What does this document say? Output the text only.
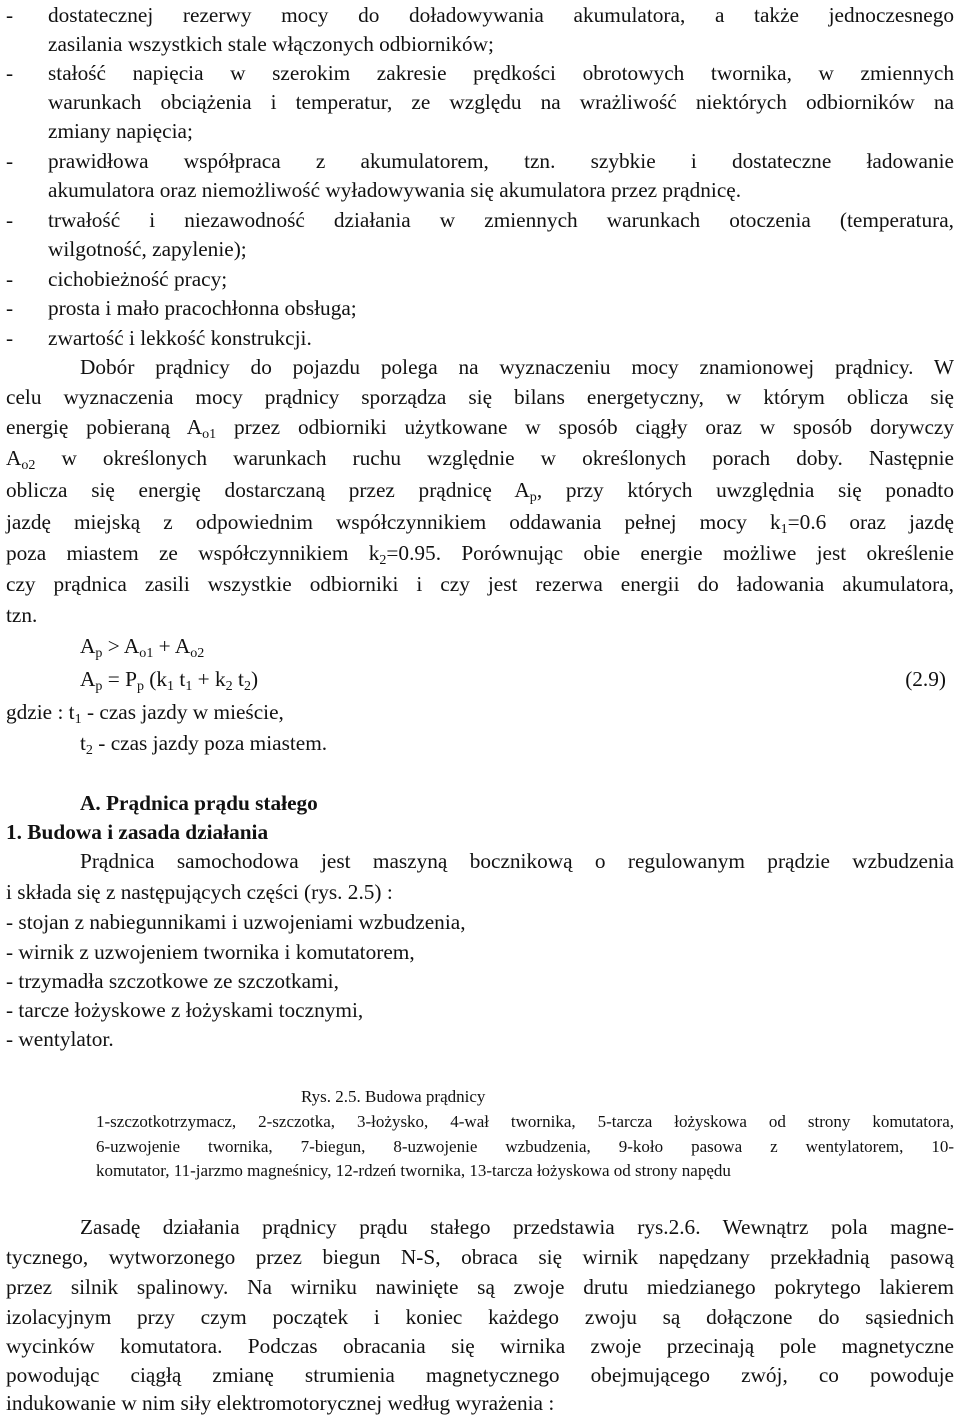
- dostatecznej rezerwy mocy do doładowywania akumulatora, a także jednoczesnego
zasilania wszystkich stale włączonych odbiorników;
- stałość napięcia w szerokim zakresie prędkości obrotowych twornika, w zmiennych
warunkach obciążenia i temperatur, ze względu na wrażliwość niektórych odbiorników na
zmiany napięcia;
- prawidłowa współpraca z akumulatorem, tzn. szybkie i dostateczne ładowanie
akumulatora oraz niemożliwość wyładowywania się akumulatora przez prądnicę.
- trwałość i niezawodność działania w zmiennych warunkach otoczenia (temperatura,
wilgotność, zapylenie);
- cichobieżność pracy;
- prosta i mało pracochłonna obsługa;
- zwartość i lekkość konstrukcji.
Dobór prądnicy do pojazdu polega na wyznaczeniu mocy znamionowej prądnicy. W
celu wyznaczenia mocy prądnicy sporządza się bilans energetyczny, w którym oblicza się
energię pobieraną $A_{o1}$ przez odbiorniki użytkowane w sposób ciągły oraz w sposób dorywczy
$A_{o2}$ w określonych warunkach ruchu względnie w określonych porach doby. Następnie
oblicza się energię dostarczaną przez prądnicę $A_p$, przy których uwzględnia się ponadto
jazdę miejską z odpowiednim współczynnikiem oddawania pełnej mocy $k_1=0.6$ oraz jazdę
poza miastem ze współczynnikiem $k_2=0.95$. Porównując obie energie możliwe jest określenie
czy prądnica zasili wszystkie odbiorniki i czy jest rezerwa energii do ładowania akumulatora,
tzn.
$A_p > A_{o1} + A_{o2}$
$A_p = P_p$ ($k_1$ $t_1 + k_2$ $t_2$)	(2.9)
gdzie : $t_1$ - czas jazdy w mieście,
$t_2$ - czas jazdy poza miastem.
A. Prądnica prądu stałego
1. Budowa i zasada działania
Prądnica samochodowa jest maszyną bocznikową o regulowanym prądzie wzbudzenia
i składa się z następujących części (rys. 2.5) :
- stojan z nabiegunnikami i uzwojeniami wzbudzenia,
- wirnik z uzwojeniem twornika i komutatorem,
- trzymadła szczotkowe ze szczotkami,
- tarcze łożyskowe z łożyskami tocznymi,
- wentylator.
Rys. 2.5. Budowa prądnicy
1-szczotkotrzymacz, 2-szczotka, 3-łożysko, 4-wał twornika, 5-tarcza łożyskowa od strony komutatora,
6-uzwojenie twornika, 7-biegun, 8-uzwojenie wzbudzenia, 9-koło pasowa z wentylatorem, 10-
komutator, 11-jarzmo magneśnicy, 12-rdzeń twornika, 13-tarcza łożyskowa od strony napędu
Zasadę działania prądnicy prądu stałego przedstawia rys.2.6. Wewnątrz pola magne-
tycznego, wytworzonego przez biegun N-S, obraca się wirnik napędzany przekładnią pasową
przez silnik spalinowy. Na wirniku nawinięte są zwoje drutu miedzianego pokrytego lakierem
izolacyjnym przy czym początek i koniec każdego zwoju są dołączone do sąsiednich
wycinków komutatora. Podczas obracania się wirnika zwoje przecinają pole magnetyczne
powodując ciągłą zmianę strumienia magnetycznego obejmującego zwój, co powoduje
indukowanie w nim siły elektromotorycznej według wyrażenia :
